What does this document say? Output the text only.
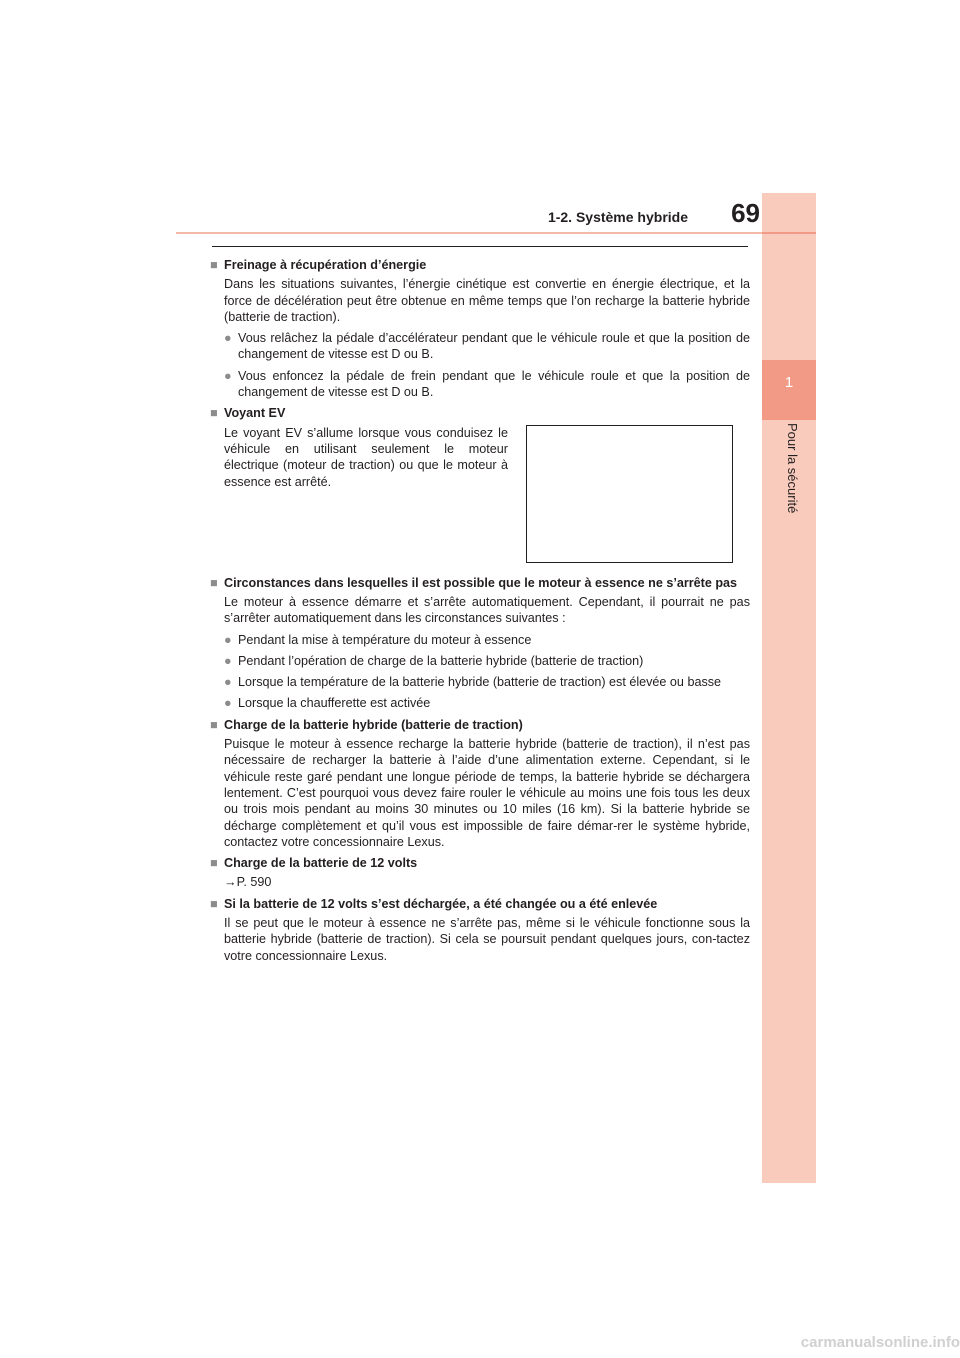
1
Pour la sécurité
1-2. Système hybride	69
■ Freinage à récupération d’énergie
Dans les situations suivantes, l’énergie cinétique est convertie en énergie électrique, et la force de décélération peut être obtenue en même temps que l’on recharge la batterie hybride (batterie de traction).
● Vous relâchez la pédale d’accélérateur pendant que le véhicule roule et que la position de changement de vitesse est D ou B.
● Vous enfoncez la pédale de frein pendant que le véhicule roule et que la position de changement de vitesse est D ou B.
■ Voyant EV
Le voyant EV s’allume lorsque vous conduisez le véhicule en utilisant seulement le moteur électrique (moteur de traction) ou que le moteur à essence est arrêté.
■ Circonstances dans lesquelles il est possible que le moteur à essence ne s’arrête pas
Le moteur à essence démarre et s’arrête automatiquement. Cependant, il pourrait ne pas s’arrêter automatiquement dans les circonstances suivantes :
● Pendant la mise à température du moteur à essence
● Pendant l’opération de charge de la batterie hybride (batterie de traction)
● Lorsque la température de la batterie hybride (batterie de traction) est élevée ou basse
● Lorsque la chaufferette est activée
■ Charge de la batterie hybride (batterie de traction)
Puisque le moteur à essence recharge la batterie hybride (batterie de traction), il n’est pas nécessaire de recharger la batterie à l’aide d’une alimentation externe. Cependant, si le véhicule reste garé pendant une longue période de temps, la batterie hybride se déchargera lentement. C’est pourquoi vous devez faire rouler le véhicule au moins une fois tous les deux ou trois mois pendant au moins 30 minutes ou 10 miles (16 km). Si la batterie hybride se décharge complètement et qu’il vous est impossible de faire démar-rer le système hybride, contactez votre concessionnaire Lexus.
■ Charge de la batterie de 12 volts
→P. 590
■ Si la batterie de 12 volts s’est déchargée, a été changée ou a été enlevée
Il se peut que le moteur à essence ne s’arrête pas, même si le véhicule fonctionne sous la batterie hybride (batterie de traction). Si cela se poursuit pendant quelques jours, con-tactez votre concessionnaire Lexus.
carmanualsonline.info
